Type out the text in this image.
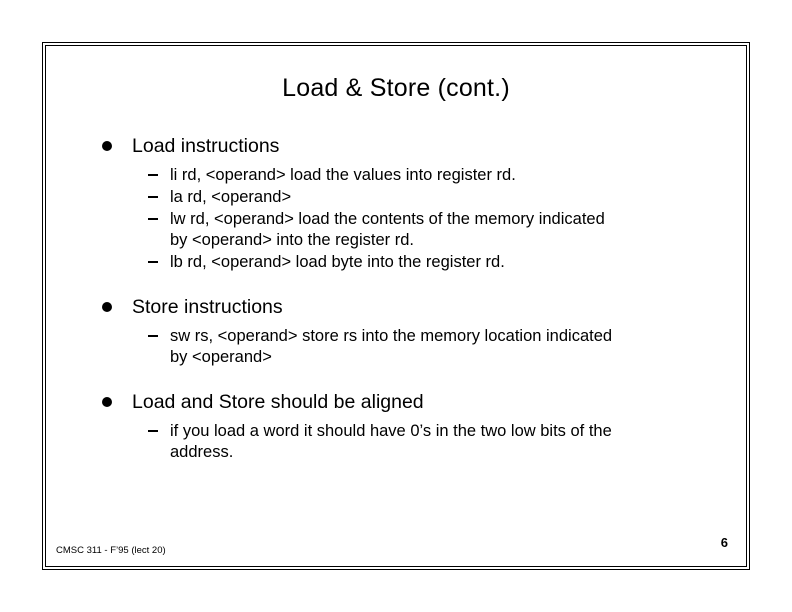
Load & Store (cont.)
Load instructions
li rd, <operand> load the values into register rd.
la rd, <operand>
lw rd, <operand> load the contents of the memory indicated
by <operand> into the register rd.
lb rd, <operand> load byte into the register rd.
Store instructions
sw rs, <operand> store rs into the memory location indicated
by <operand>
Load and Store should be aligned
if you load a word it should have 0’s in the two low bits of the
address.
CMSC 311 - F’95 (lect 20)
6
